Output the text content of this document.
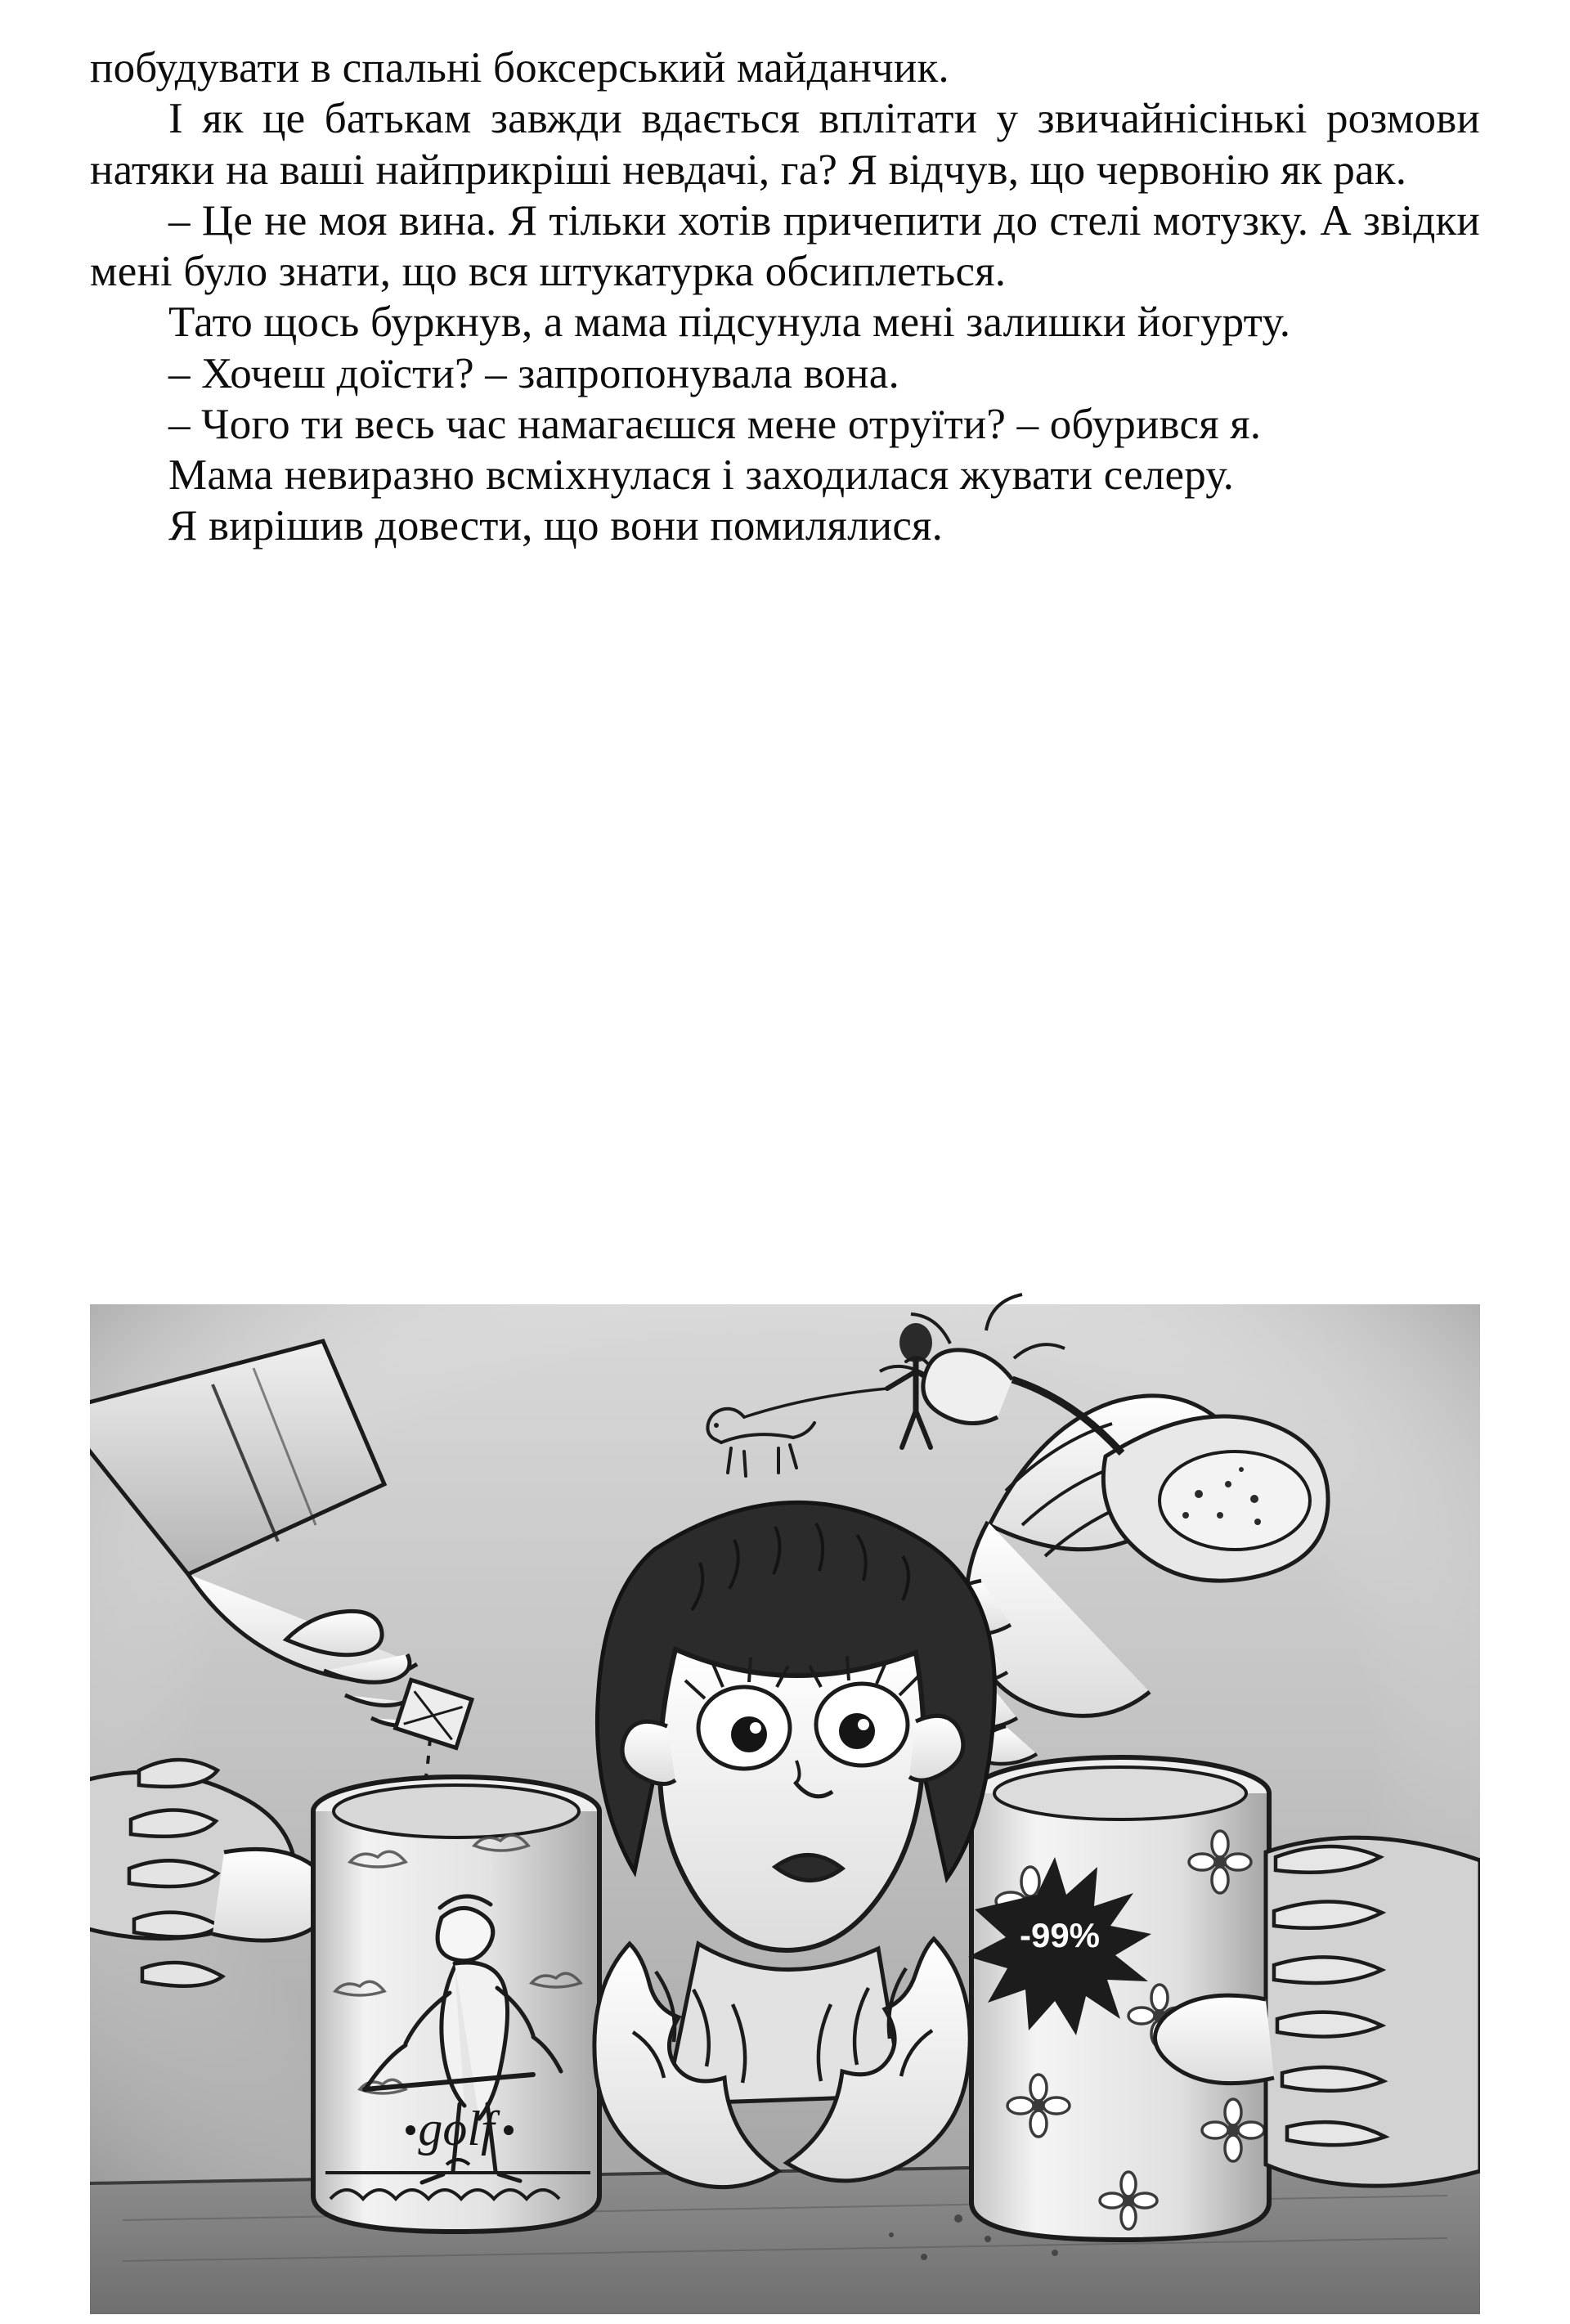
побудувати в спальні боксерський майданчик.

І як це батькам завжди вдається вплітати у звичайнісінькі розмови натяки на ваші найприкріші невдачі, га? Я відчув, що червонію як рак.

– Це не моя вина. Я тільки хотів причепити до стелі мотузку. А звідки мені було знати, що вся штукатурка обсиплеться.

Тато щось буркнув, а мама підсунула мені залишки йогурту.

– Хочеш доїсти? – запропонувала вона.

– Чого ти весь час намагаєшся мене отруїти? – обурився я.

Мама невиразно всміхнулася і заходилася жувати селеру.

Я вирішив довести, що вони помилялися.

golf
-99%
